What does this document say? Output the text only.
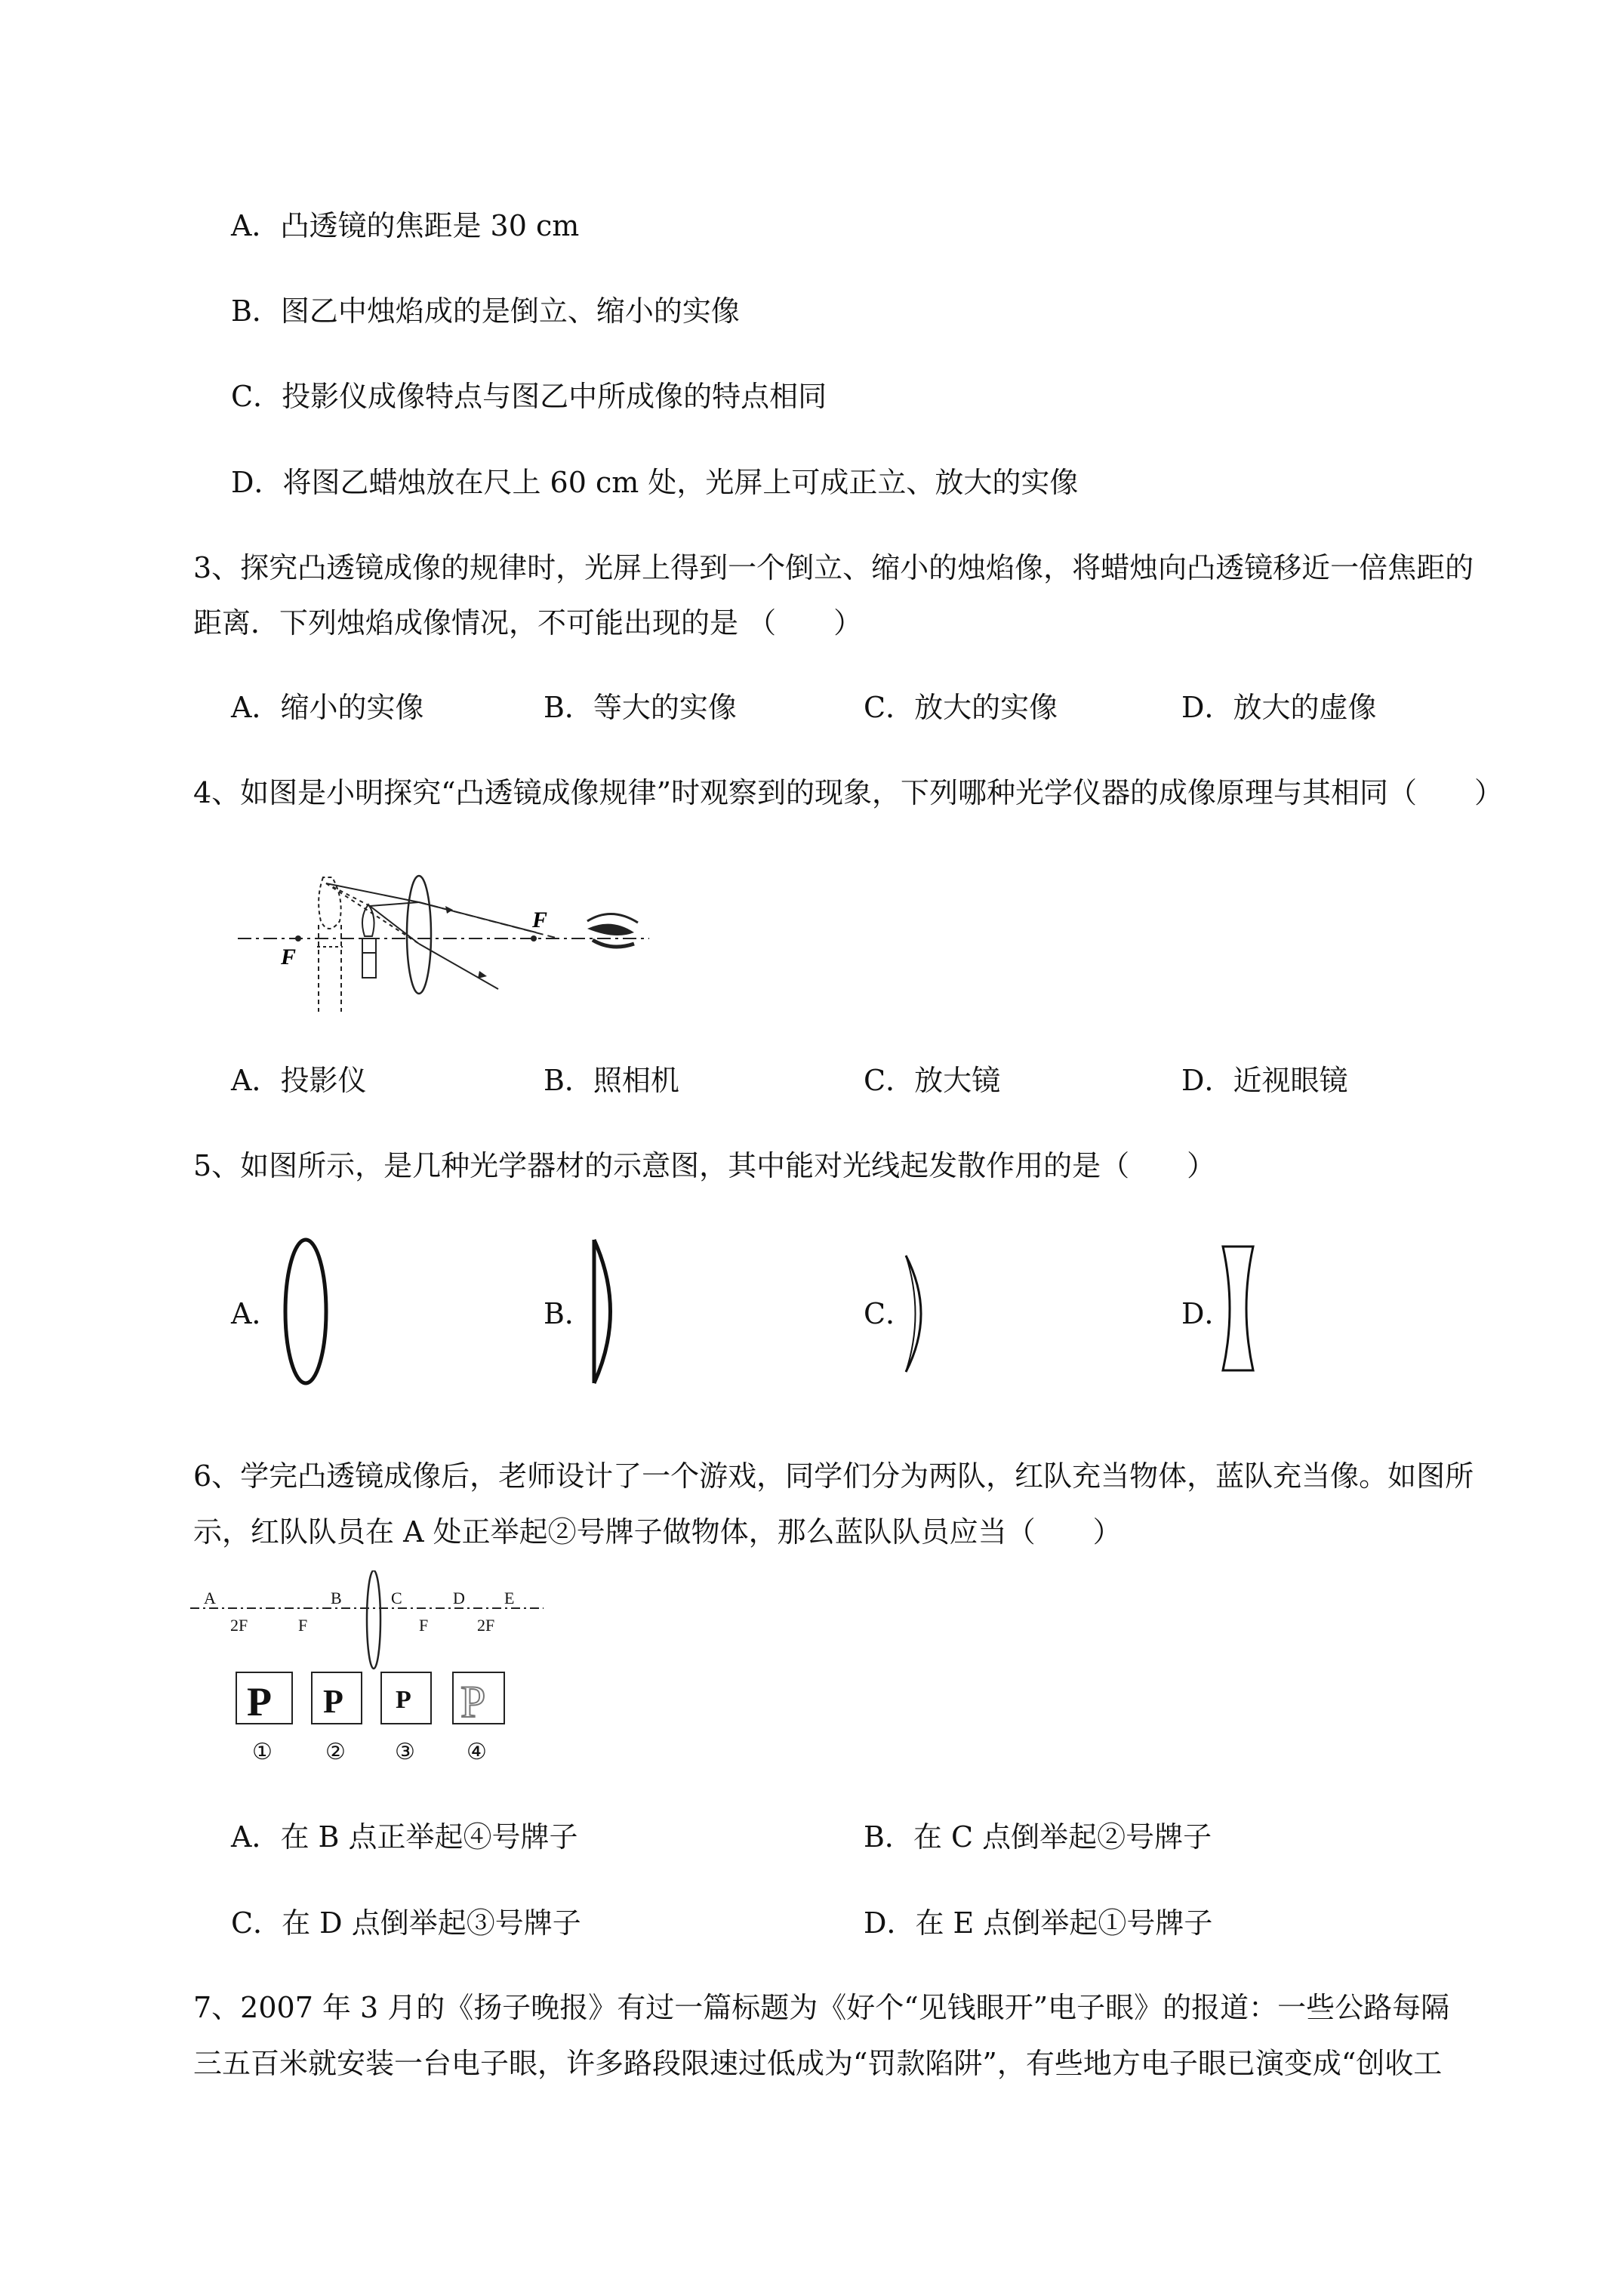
A．凸透镜的焦距是 30 cm
B．图乙中烛焰成的是倒立、缩小的实像
C．投影仪成像特点与图乙中所成像的特点相同
D．将图乙蜡烛放在尺上 60 cm 处，光屏上可成正立、放大的实像
3、探究凸透镜成像的规律时，光屏上得到一个倒立、缩小的烛焰像，将蜡烛向凸透镜移近一倍焦距的
距离．下列烛焰成像情况，不可能出现的是 （　　）
A．缩小的实像	B．等大的实像	C．放大的实像	D．放大的虚像
4、如图是小明探究“凸透镜成像规律”时观察到的现象，下列哪种光学仪器的成像原理与其相同（　　）
F
F
A．投影仪	B．照相机	C．放大镜	D．近视眼镜
5、如图所示，是几种光学器材的示意图，其中能对光线起发散作用的是（　　）
A．	B．	C．	D．
6、学完凸透镜成像后，老师设计了一个游戏，同学们分为两队，红队充当物体，蓝队充当像。如图所
示，红队队员在 A 处正举起②号牌子做物体，那么蓝队队员应当（　　）
A	B	C	D E
2F	F	F	2F
P
①
P
②
P
③
P
④
A．在 B 点正举起④号牌子	B．在 C 点倒举起②号牌子
C．在 D 点倒举起③号牌子	D．在 E 点倒举起①号牌子
7、2007 年 3 月的《扬子晚报》有过一篇标题为《好个“见钱眼开”电子眼》的报道：一些公路每隔
三五百米就安装一台电子眼，许多路段限速过低成为“罚款陷阱”，有些地方电子眼已演变成“创收工
